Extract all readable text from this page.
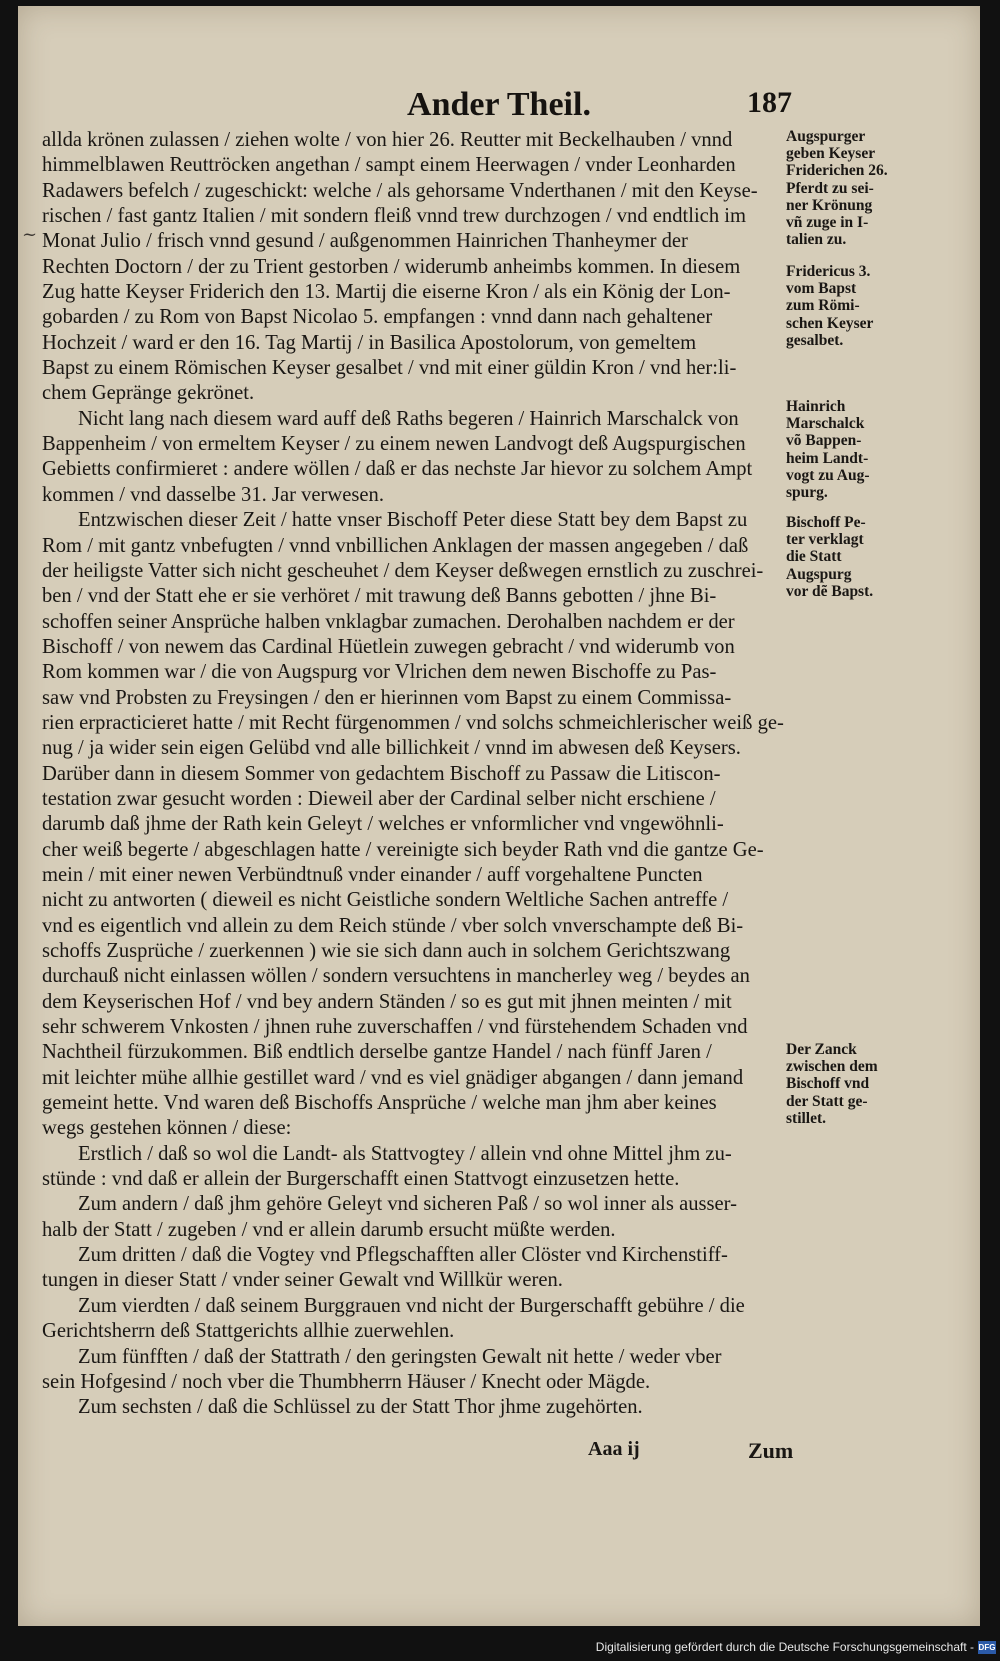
~
Ander Theil.	187
allda krönen zulassen / ziehen wolte / von hier 26. Reutter mit Beckelhauben / vnnd
himmelblawen Reuttröcken angethan / sampt einem Heerwagen / vnder Leonharden
Radawers befelch / zugeschickt: welche / als gehorsame Vnderthanen / mit den Keyse-
rischen / fast gantz Italien / mit sondern fleiß vnnd trew durchzogen / vnd endtlich im
Monat Julio / frisch vnnd gesund / außgenommen Hainrichen Thanheymer der
Rechten Doctorn / der zu Trient gestorben / widerumb anheimbs kommen. In diesem
Zug hatte Keyser Friderich den 13. Martij die eiserne Kron / als ein König der Lon-
gobarden / zu Rom von Bapst Nicolao 5. empfangen : vnnd dann nach gehaltener
Hochzeit / ward er den 16. Tag Martij / in Basilica Apostolorum, von gemeltem
Bapst zu einem Römischen Keyser gesalbet / vnd mit einer güldin Kron / vnd her:li-
chem Gepränge gekrönet.
Nicht lang nach diesem ward auff deß Raths begeren / Hainrich Marschalck von
Bappenheim / von ermeltem Keyser / zu einem newen Landvogt deß Augspurgischen
Gebietts confirmieret : andere wöllen / daß er das nechste Jar hievor zu solchem Ampt
kommen / vnd dasselbe 31. Jar verwesen.
Entzwischen dieser Zeit / hatte vnser Bischoff Peter diese Statt bey dem Bapst zu
Rom / mit gantz vnbefugten / vnnd vnbillichen Anklagen der massen angegeben / daß
der heiligste Vatter sich nicht gescheuhet / dem Keyser deßwegen ernstlich zu zuschrei-
ben / vnd der Statt ehe er sie verhöret / mit trawung deß Banns gebotten / jhne Bi-
schoffen seiner Ansprüche halben vnklagbar zumachen. Derohalben nachdem er der
Bischoff / von newem das Cardinal Hüetlein zuwegen gebracht / vnd widerumb von
Rom kommen war / die von Augspurg vor Vlrichen dem newen Bischoffe zu Pas-
saw vnd Probsten zu Freysingen / den er hierinnen vom Bapst zu einem Commissa-
rien erpracticieret hatte / mit Recht fürgenommen / vnd solchs schmeichlerischer weiß ge-
nug / ja wider sein eigen Gelübd vnd alle billichkeit / vnnd im abwesen deß Keysers.
Darüber dann in diesem Sommer von gedachtem Bischoff zu Passaw die Litiscon-
testation zwar gesucht worden : Dieweil aber der Cardinal selber nicht erschiene /
darumb daß jhme der Rath kein Geleyt / welches er vnformlicher vnd vngewöhnli-
cher weiß begerte / abgeschlagen hatte / vereinigte sich beyder Rath vnd die gantze Ge-
mein / mit einer newen Verbündtnuß vnder einander / auff vorgehaltene Puncten
nicht zu antworten ( dieweil es nicht Geistliche sondern Weltliche Sachen antreffe /
vnd es eigentlich vnd allein zu dem Reich stünde / vber solch vnverschampte deß Bi-
schoffs Zusprüche / zuerkennen ) wie sie sich dann auch in solchem Gerichtszwang
durchauß nicht einlassen wöllen / sondern versuchtens in mancherley weg / beydes an
dem Keyserischen Hof / vnd bey andern Ständen / so es gut mit jhnen meinten / mit
sehr schwerem Vnkosten / jhnen ruhe zuverschaffen / vnd fürstehendem Schaden vnd
Nachtheil fürzukommen. Biß endtlich derselbe gantze Handel / nach fünff Jaren /
mit leichter mühe allhie gestillet ward / vnd es viel gnädiger abgangen / dann jemand
gemeint hette. Vnd waren deß Bischoffs Ansprüche / welche man jhm aber keines
wegs gestehen können / diese:
Erstlich / daß so wol die Landt- als Stattvogtey / allein vnd ohne Mittel jhm zu-
stünde : vnd daß er allein der Burgerschafft einen Stattvogt einzusetzen hette.
Zum andern / daß jhm gehöre Geleyt vnd sicheren Paß / so wol inner als ausser-
halb der Statt / zugeben / vnd er allein darumb ersucht müßte werden.
Zum dritten / daß die Vogtey vnd Pflegschafften aller Clöster vnd Kirchenstiff-
tungen in dieser Statt / vnder seiner Gewalt vnd Willkür weren.
Zum vierdten / daß seinem Burggrauen vnd nicht der Burgerschafft gebühre / die
Gerichtsherrn deß Stattgerichts allhie zuerwehlen.
Zum fünfften / daß der Stattrath / den geringsten Gewalt nit hette / weder vber
sein Hofgesind / noch vber die Thumbherrn Häuser / Knecht oder Mägde.
Zum sechsten / daß die Schlüssel zu der Statt Thor jhme zugehörten.
Augspurger
geben Keyser
Friderichen 26.
Pferdt zu sei-
ner Krönung
vñ zuge in I-
talien zu.
Fridericus 3.
vom Bapst
zum Römi-
schen Keyser
gesalbet.
Hainrich
Marschalck
võ Bappen-
heim Landt-
vogt zu Aug-
spurg.
Bischoff Pe-
ter verklagt
die Statt
Augspurg
vor dẽ Bapst.
Der Zanck
zwischen dem
Bischoff vnd
der Statt ge-
stillet.
Aaa ij	Zum
Digitalisierung gefördert durch die Deutsche Forschungsgemeinschaft - DFG
